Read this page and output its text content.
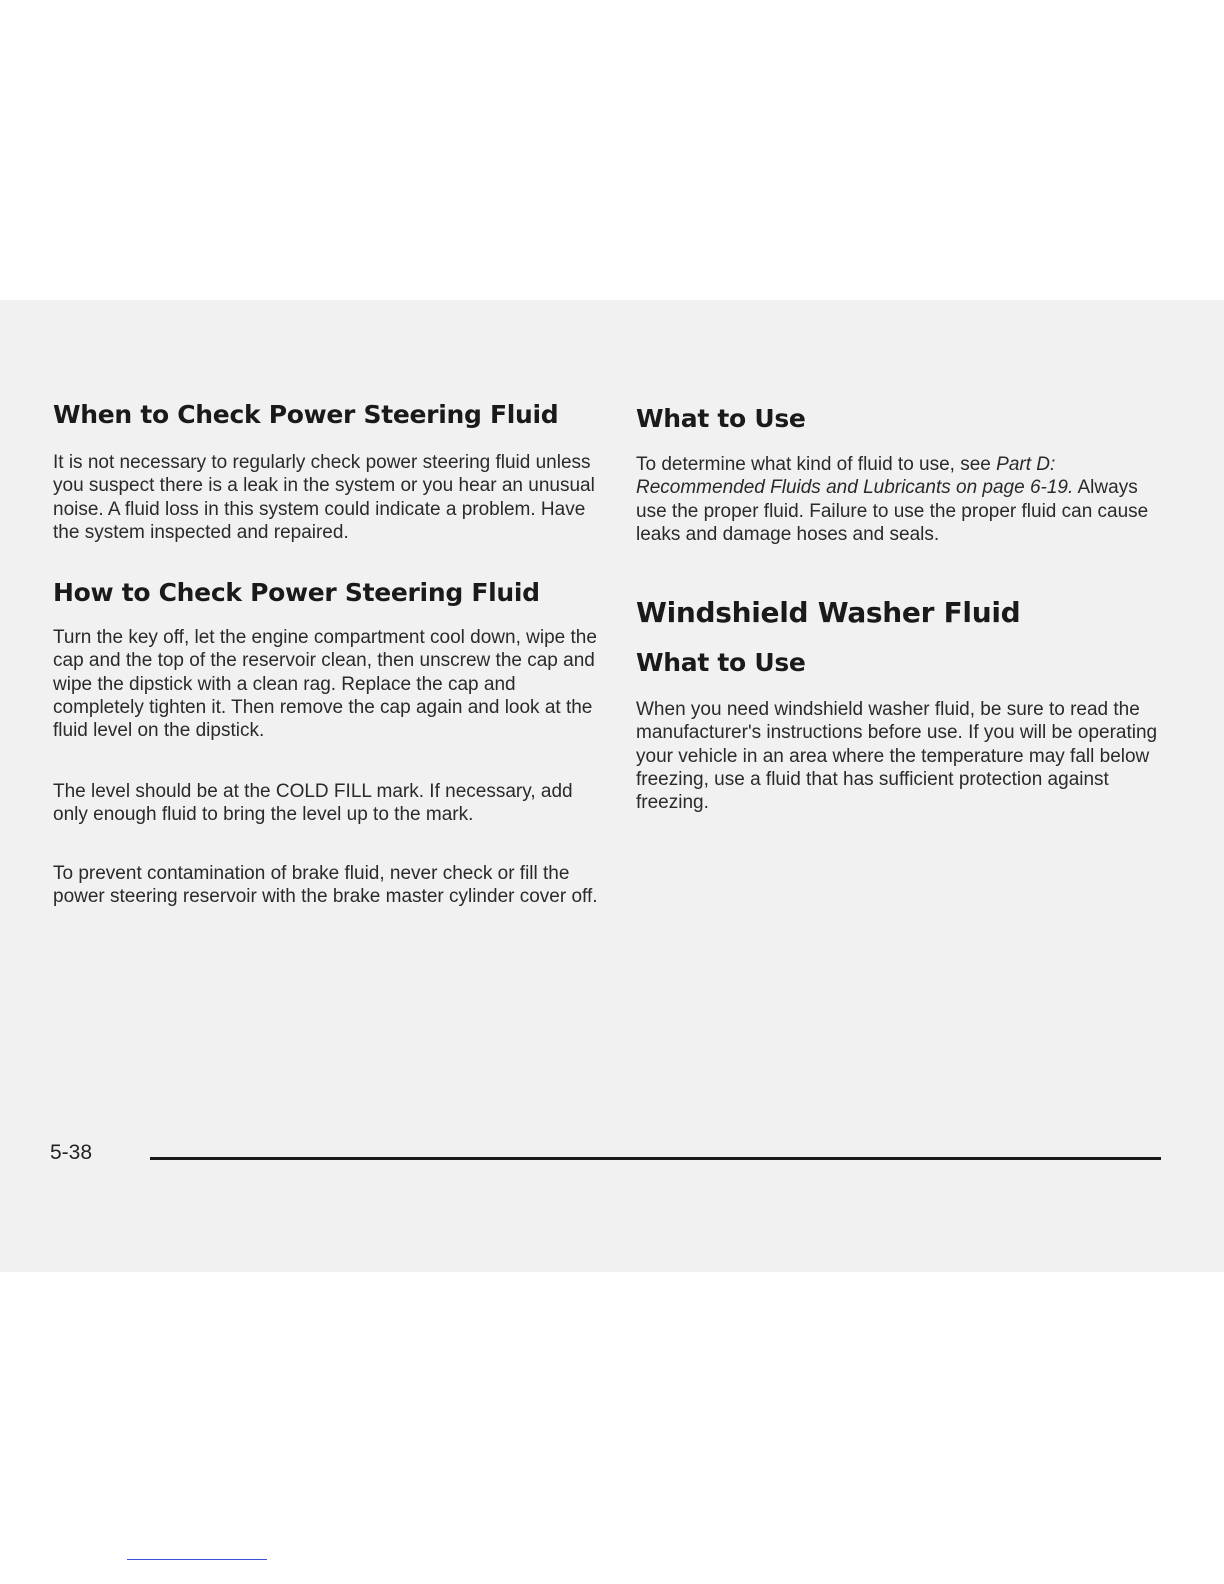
When to Check Power Steering Fluid

It is not necessary to regularly check power steering fluid unless you suspect there is a leak in the system or you hear an unusual noise. A fluid loss in this system could indicate a problem. Have the system inspected and repaired.

How to Check Power Steering Fluid

Turn the key off, let the engine compartment cool down, wipe the cap and the top of the reservoir clean, then unscrew the cap and wipe the dipstick with a clean rag. Replace the cap and completely tighten it. Then remove the cap again and look at the fluid level on the dipstick.

The level should be at the COLD FILL mark. If necessary, add only enough fluid to bring the level up to the mark.

To prevent contamination of brake fluid, never check or fill the power steering reservoir with the brake master cylinder cover off.

What to Use

To determine what kind of fluid to use, see Part D: Recommended Fluids and Lubricants on page 6-19. Always use the proper fluid. Failure to use the proper fluid can cause leaks and damage hoses and seals.

Windshield Washer Fluid
What to Use

When you need windshield washer fluid, be sure to read the manufacturer's instructions before use. If you will be operating your vehicle in an area where the temperature may fall below freezing, use a fluid that has sufficient protection against freezing.

5-38
